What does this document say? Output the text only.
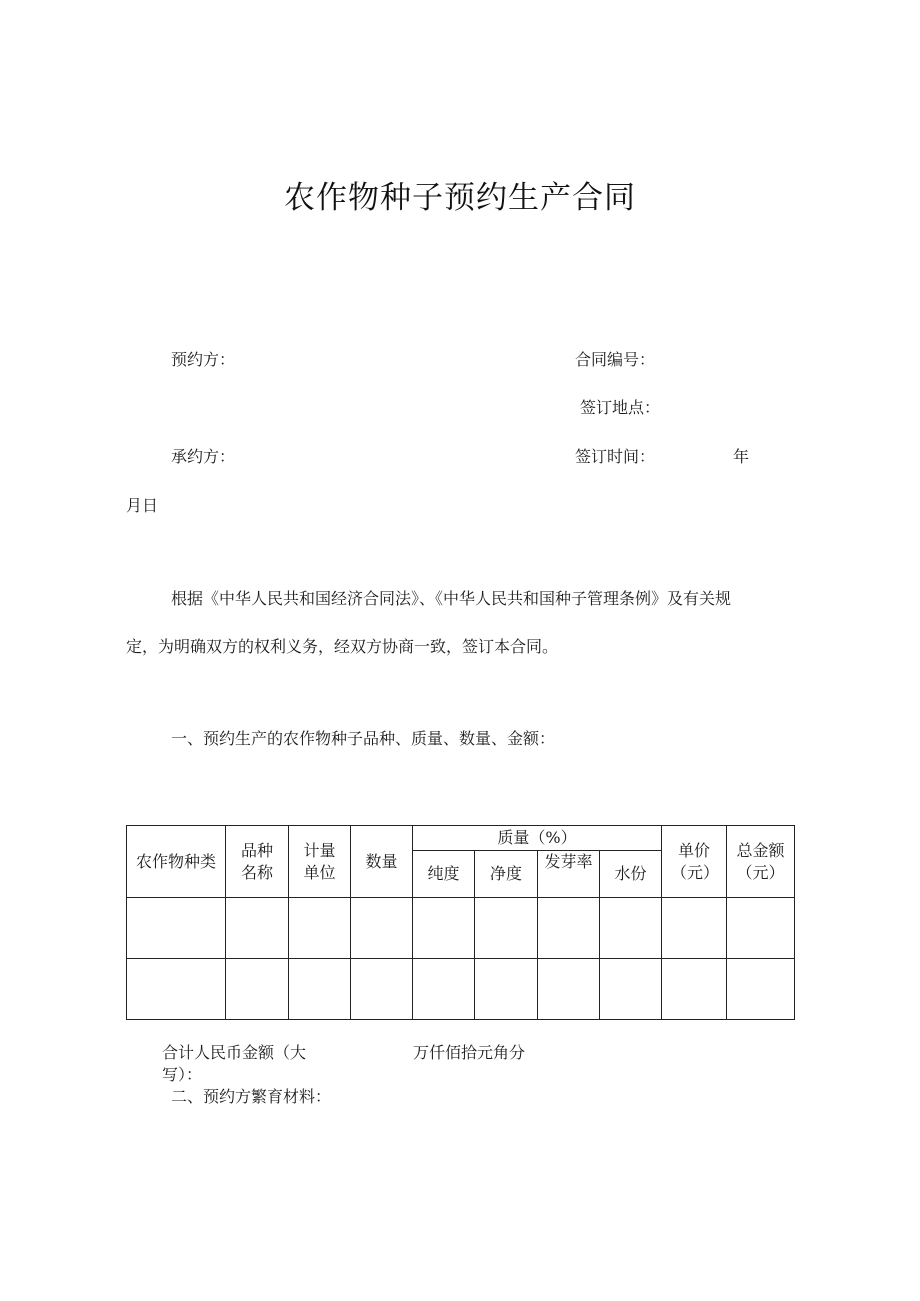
农作物种子预约生产合同
预约方：	合同编号：
签订地点：
承约方：	签订时间：	年
月日
根据《中华人民共和国经济合同法》、《中华人民共和国种子管理条例》及有关规
定，为明确双方的权利义务，经双方协商一致，签订本合同。
一、预约生产的农作物种子品种、质量、数量、金额：
农作物种类	品种名称	计量单位	数量	质量（%）				单价（元）	总金额（元）
				纯度	净度	发芽率	水份		

合计人民币金额（大
写）：
万仟佰拾元角分
二、预约方繁育材料：
